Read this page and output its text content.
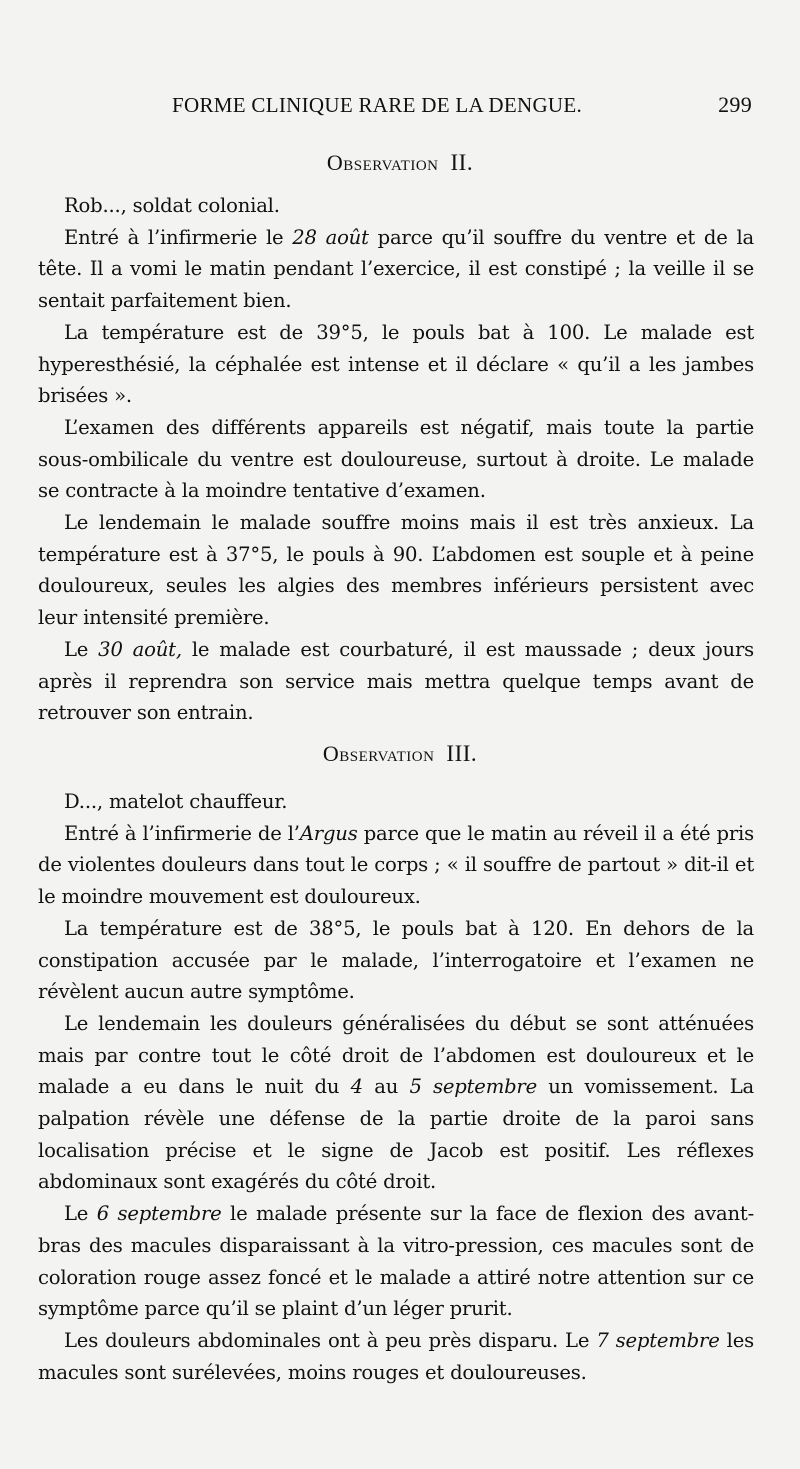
FORME CLINIQUE RARE DE LA DENGUE.	299
Observation II.

Rob..., soldat colonial.

Entré à l’infirmerie le 28 août parce qu’il souffre du ventre et de la tête. Il a vomi le matin pendant l’exercice, il est constipé ; la veille il se sentait parfaitement bien.

La température est de 39°5, le pouls bat à 100. Le malade est hyperesthésié, la céphalée est intense et il déclare « qu’il a les jambes brisées ».

L’examen des différents appareils est négatif, mais toute la partie sous-ombilicale du ventre est douloureuse, surtout à droite. Le malade se contracte à la moindre tentative d’examen.

Le lendemain le malade souffre moins mais il est très anxieux. La température est à 37°5, le pouls à 90. L’abdomen est souple et à peine douloureux, seules les algies des membres inférieurs persistent avec leur intensité première.

Le 30 août, le malade est courbaturé, il est maussade ; deux jours après il reprendra son service mais mettra quelque temps avant de retrouver son entrain.

Observation III.

D..., matelot chauffeur.

Entré à l’infirmerie de l’Argus parce que le matin au réveil il a été pris de violentes douleurs dans tout le corps ; « il souffre de partout » dit-il et le moindre mouvement est douloureux.

La température est de 38°5, le pouls bat à 120. En dehors de la constipation accusée par le malade, l’interrogatoire et l’examen ne révèlent aucun autre symptôme.

Le lendemain les douleurs généralisées du début se sont atténuées mais par contre tout le côté droit de l’abdomen est douloureux et le malade a eu dans le nuit du 4 au 5 septembre un vomissement. La palpation révèle une défense de la partie droite de la paroi sans localisation précise et le signe de Jacob est positif. Les réflexes abdominaux sont exagérés du côté droit.

Le 6 septembre le malade présente sur la face de flexion des avant-bras des macules disparaissant à la vitro-pression, ces macules sont de coloration rouge assez foncé et le malade a attiré notre attention sur ce symptôme parce qu’il se plaint d’un léger prurit.

Les douleurs abdominales ont à peu près disparu. Le 7 septembre les macules sont surélevées, moins rouges et douloureuses.
